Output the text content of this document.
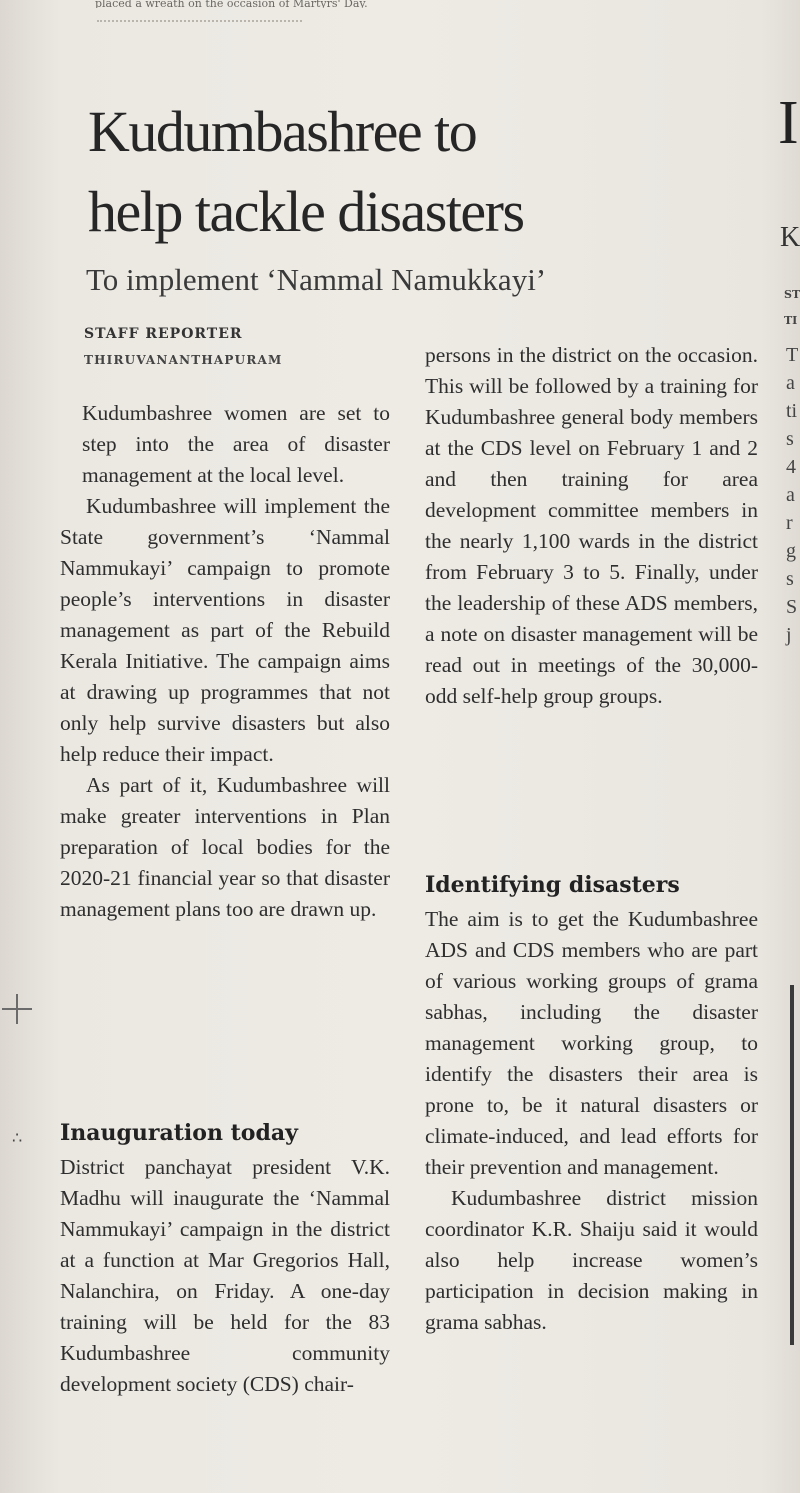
placed a wreath on the occasion of Martyrs' Day.
Kudumbashree to
help tackle disasters
To implement ‘Nammal Namukkayi’
STAFF REPORTER
THIRUVANANTHAPURAM

Kudumbashree women are set to step into the area of disaster management at the local level.

Kudumbashree will implement the State government’s ‘Nammal Nammukayi’ campaign to promote people’s interventions in disaster management as part of the Rebuild Kerala Initiative. The campaign aims at drawing up programmes that not only help survive disasters but also help reduce their impact.

As part of it, Kudumbashree will make greater interventions in Plan preparation of local bodies for the 2020-21 financial year so that disaster management plans too are drawn up.

Inauguration today

District panchayat president V.K. Madhu will inaugurate the ‘Nammal Nammukayi’ campaign in the district at a function at Mar Gregorios Hall, Nalanchira, on Friday. A one-day training will be held for the 83 Kudumbashree community development society (CDS) chair-

persons in the district on the occasion. This will be followed by a training for Kudumbashree general body members at the CDS level on February 1 and 2 and then training for area development committee members in the nearly 1,100 wards in the district from February 3 to 5. Finally, under the leadership of these ADS members, a note on disaster management will be read out in meetings of the 30,000-odd self-help group groups.

Identifying disasters

The aim is to get the Kudumbashree ADS and CDS members who are part of various working groups of grama sabhas, including the disaster management working group, to identify the disasters their area is prone to, be it natural disasters or climate-induced, and lead efforts for their prevention and management.

Kudumbashree district mission coordinator K.R. Shaiju said it would also help increase women’s participation in decision making in grama sabhas.

I
K
ST
TI
T
a
ti
s
4
a
r
g
s
S
j
∴
